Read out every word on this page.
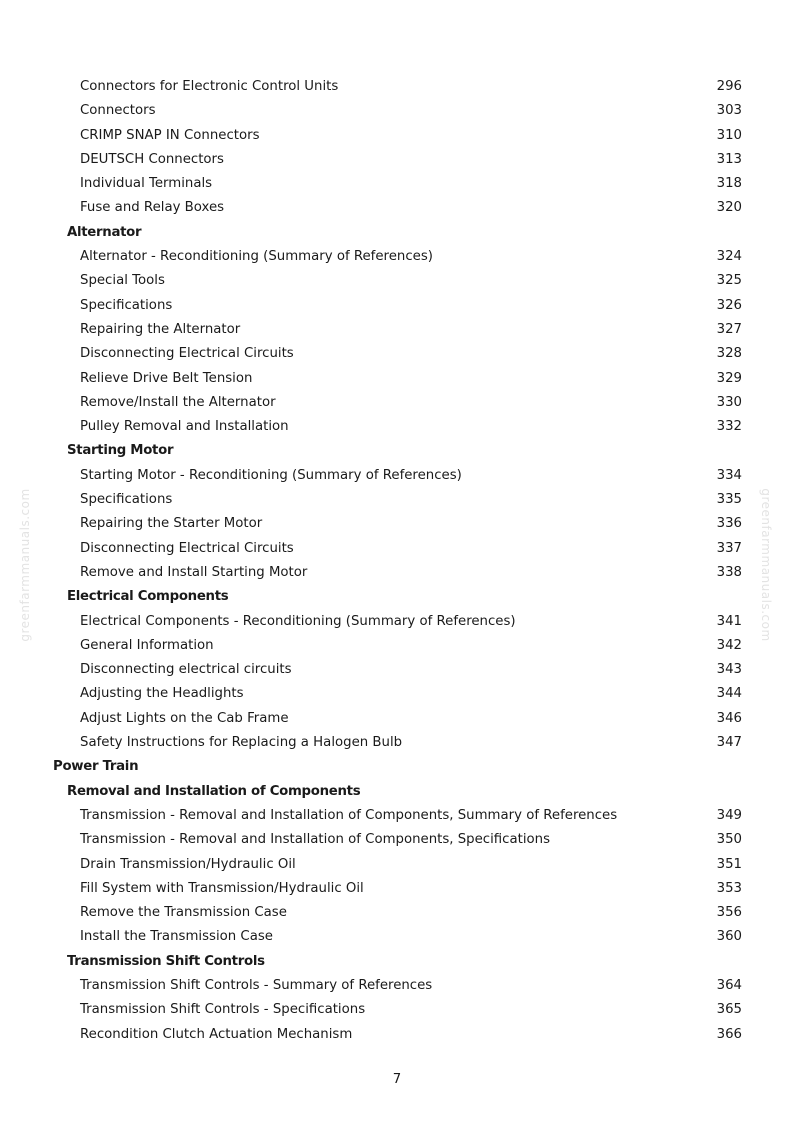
greenfarmmanuals.com	greenfarmmanuals.com
Connectors for Electronic Control Units	296
Connectors	303
CRIMP SNAP IN Connectors	310
DEUTSCH Connectors	313
Individual Terminals	318
Fuse and Relay Boxes	320
Alternator
Alternator - Reconditioning (Summary of References)	324
Special Tools	325
Specifications	326
Repairing the Alternator	327
Disconnecting Electrical Circuits	328
Relieve Drive Belt Tension	329
Remove/Install the Alternator	330
Pulley Removal and Installation	332
Starting Motor
Starting Motor - Reconditioning (Summary of References)	334
Specifications	335
Repairing the Starter Motor	336
Disconnecting Electrical Circuits	337
Remove and Install Starting Motor	338
Electrical Components
Electrical Components - Reconditioning (Summary of References)	341
General Information	342
Disconnecting electrical circuits	343
Adjusting the Headlights	344
Adjust Lights on the Cab Frame	346
Safety Instructions for Replacing a Halogen Bulb	347
Power Train
Removal and Installation of Components
Transmission - Removal and Installation of Components, Summary of References	349
Transmission - Removal and Installation of Components, Specifications	350
Drain Transmission/Hydraulic Oil	351
Fill System with Transmission/Hydraulic Oil	353
Remove the Transmission Case	356
Install the Transmission Case	360
Transmission Shift Controls
Transmission Shift Controls - Summary of References	364
Transmission Shift Controls - Specifications	365
Recondition Clutch Actuation Mechanism	366
7
